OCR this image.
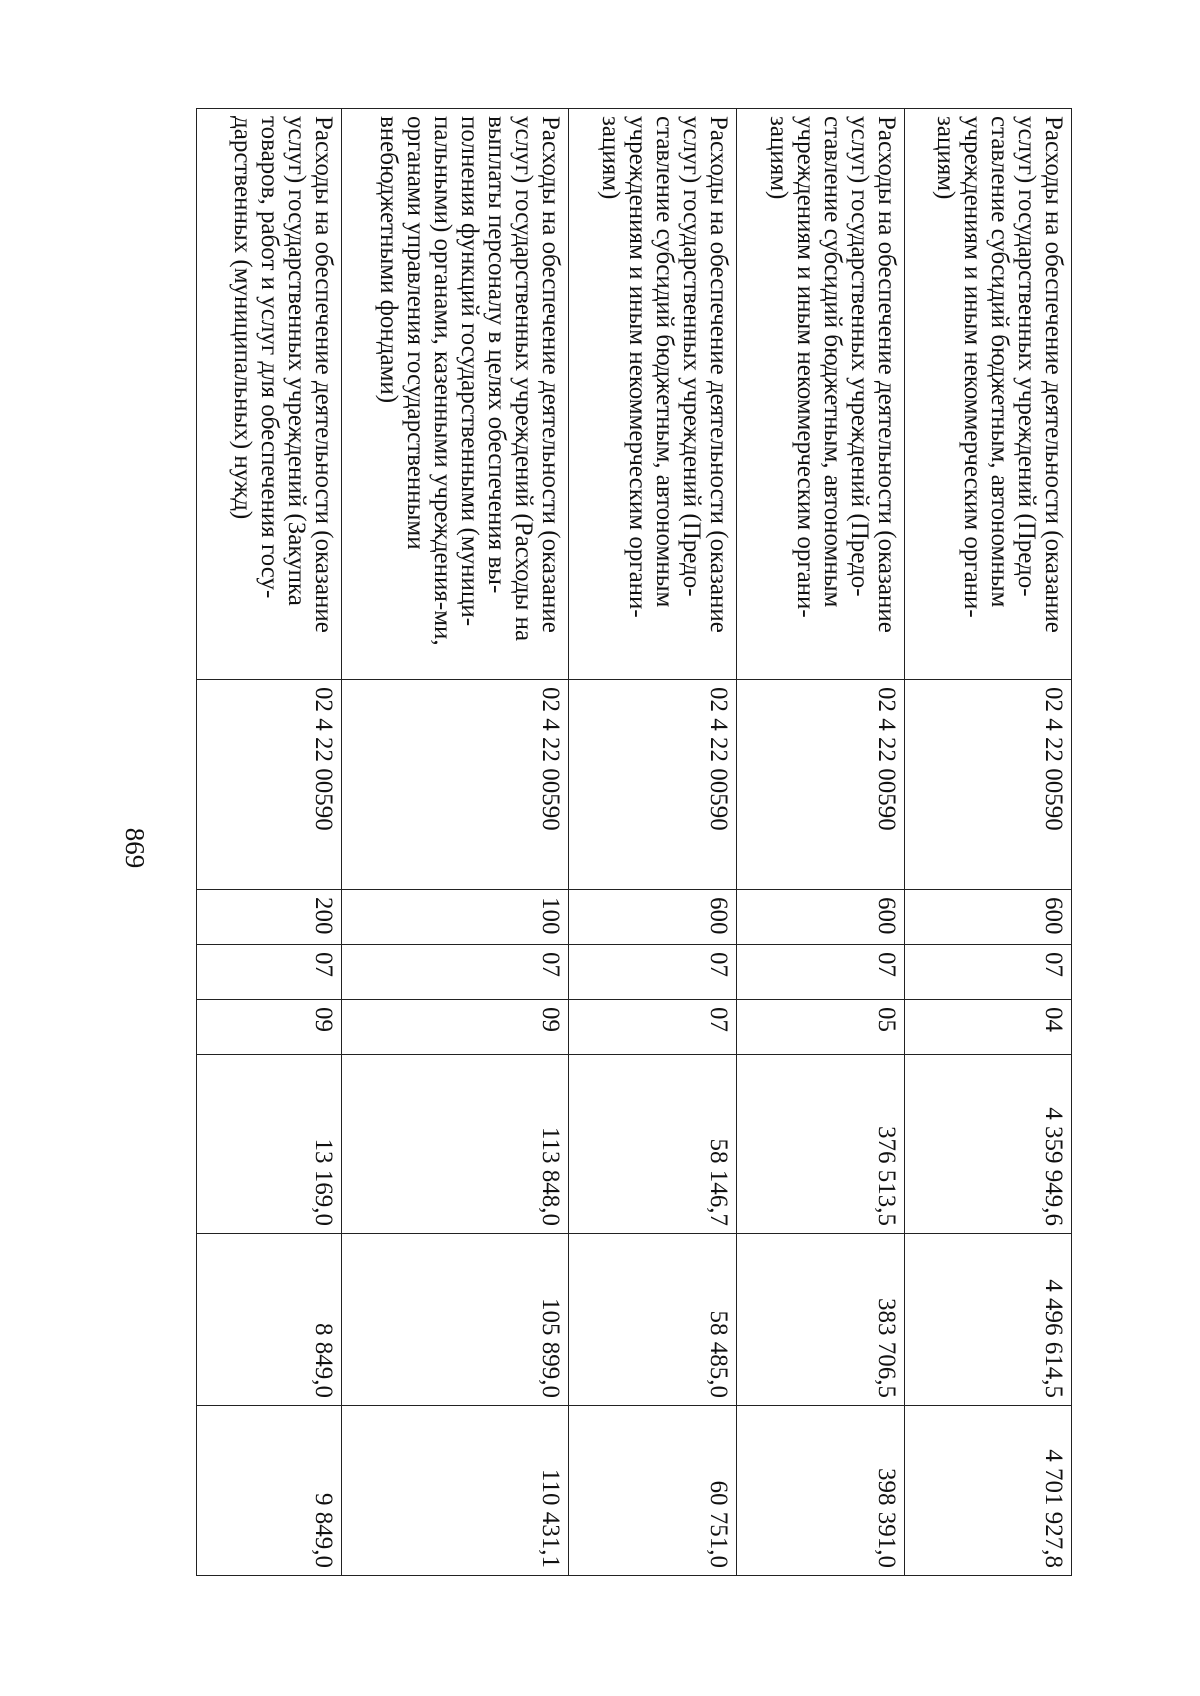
869
Расходы на обеспечение деятельности (оказание услуг) государственных учреждений (Предо-ставление субсидий бюджетным, автономным учреждениям и иным некоммерческим органи-зациям)	02 4 22 00590	600	07	04	4 359 949,6	4 496 614,5	4 701 927,8

Расходы на обеспечение деятельности (оказание услуг) государственных учреждений (Предо-ставление субсидий бюджетным, автономным учреждениям и иным некоммерческим органи-зациям)	02 4 22 00590	600	07	05	376 513,5	383 706,5	398 391,0

Расходы на обеспечение деятельности (оказание услуг) государственных учреждений (Предо-ставление субсидий бюджетным, автономным учреждениям и иным некоммерческим органи-зациям)	02 4 22 00590	600	07	07	58 146,7	58 485,0	60 751,0

Расходы на обеспечение деятельности (оказание услуг) государственных учреждений (Расходы на выплаты персоналу в целях обеспечения вы-полнения функций государственными (муници-пальными) органами, казенными учреждения-ми, органами управления государственными внебюджетными фондами)	02 4 22 00590	100	07	09	113 848,0	105 899,0	110 431,1

Расходы на обеспечение деятельности (оказание услуг) государственных учреждений (Закупка товаров, работ и услуг для обеспечения госу-дарственных (муниципальных) нужд)	02 4 22 00590	200	07	09	13 169,0	8 849,0	9 849,0
